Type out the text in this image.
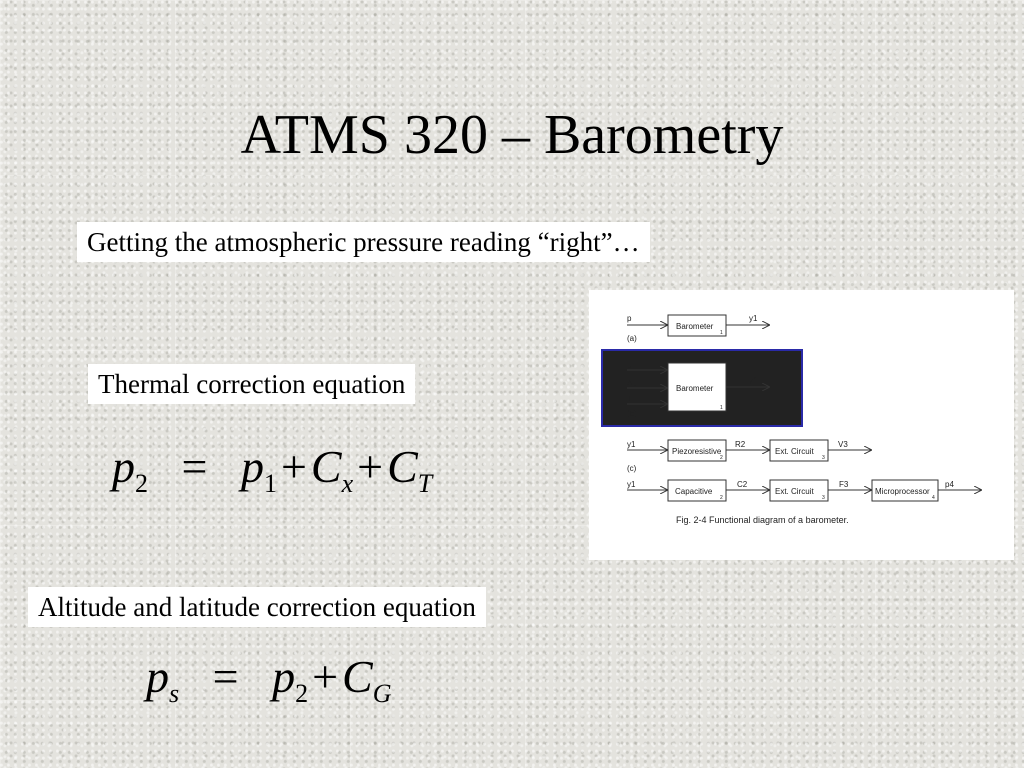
ATMS 320 – Barometry
Getting the atmospheric pressure reading “right”…
Thermal correction equation
$p_2 = p_1+C_x+C_T$
Altitude and latitude correction equation
$p_s = p_2+C_G$
p
Barometer
1
y1
(a)
p
Δp
T
Barometer
1
y1
(b)
y1
Piezoresistive
2
R2
Ext. Circuit
3
V3
(c)
y1
Capacitive
2
C2
Ext. Circuit
3
F3
Microprocessor
4
p4
Fig. 2-4 Functional diagram of a barometer.
